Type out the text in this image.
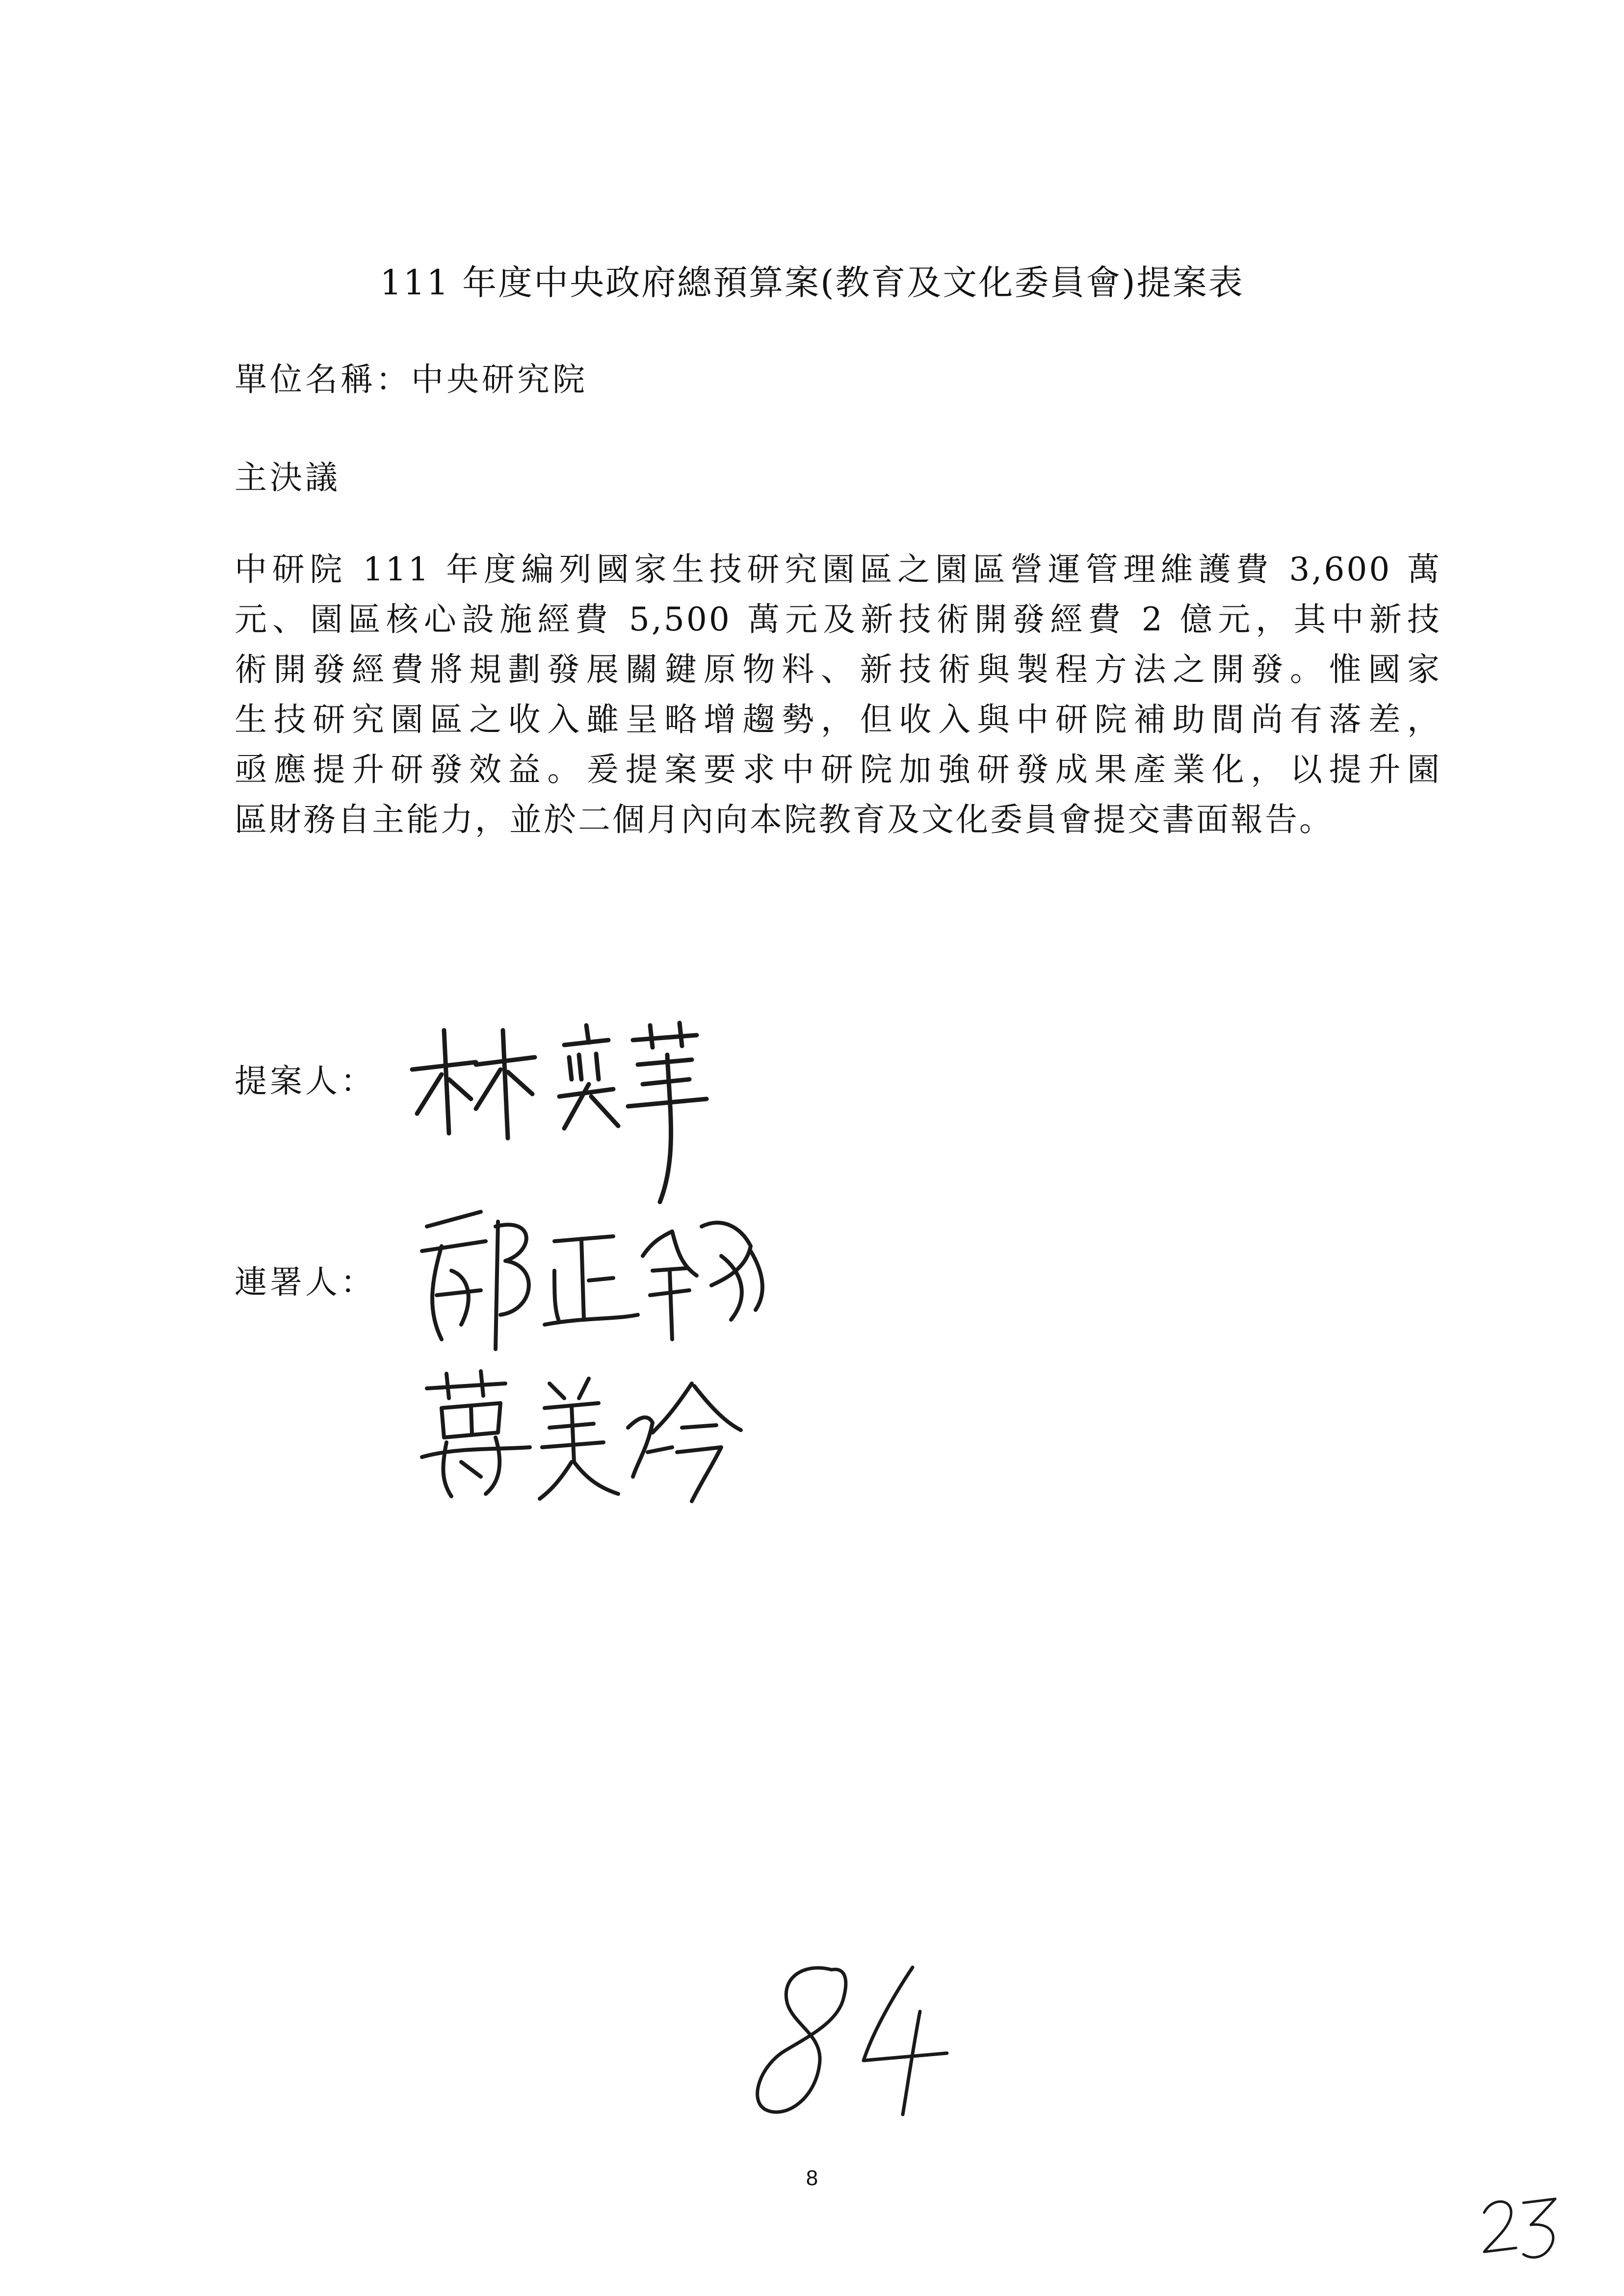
111 年度中央政府總預算案(教育及文化委員會)提案表
單位名稱：中央研究院
主決議
中研院 111 年度編列國家生技研究園區之園區營運管理維護費 3,600 萬
元、園區核心設施經費 5,500 萬元及新技術開發經費 2 億元，其中新技
術開發經費將規劃發展關鍵原物料、新技術與製程方法之開發。惟國家
生技研究園區之收入雖呈略增趨勢，但收入與中研院補助間尚有落差，
亟應提升研發效益。爰提案要求中研院加強研發成果產業化，以提升園
區財務自主能力，並於二個月內向本院教育及文化委員會提交書面報告。
提案人：
連署人：
8
